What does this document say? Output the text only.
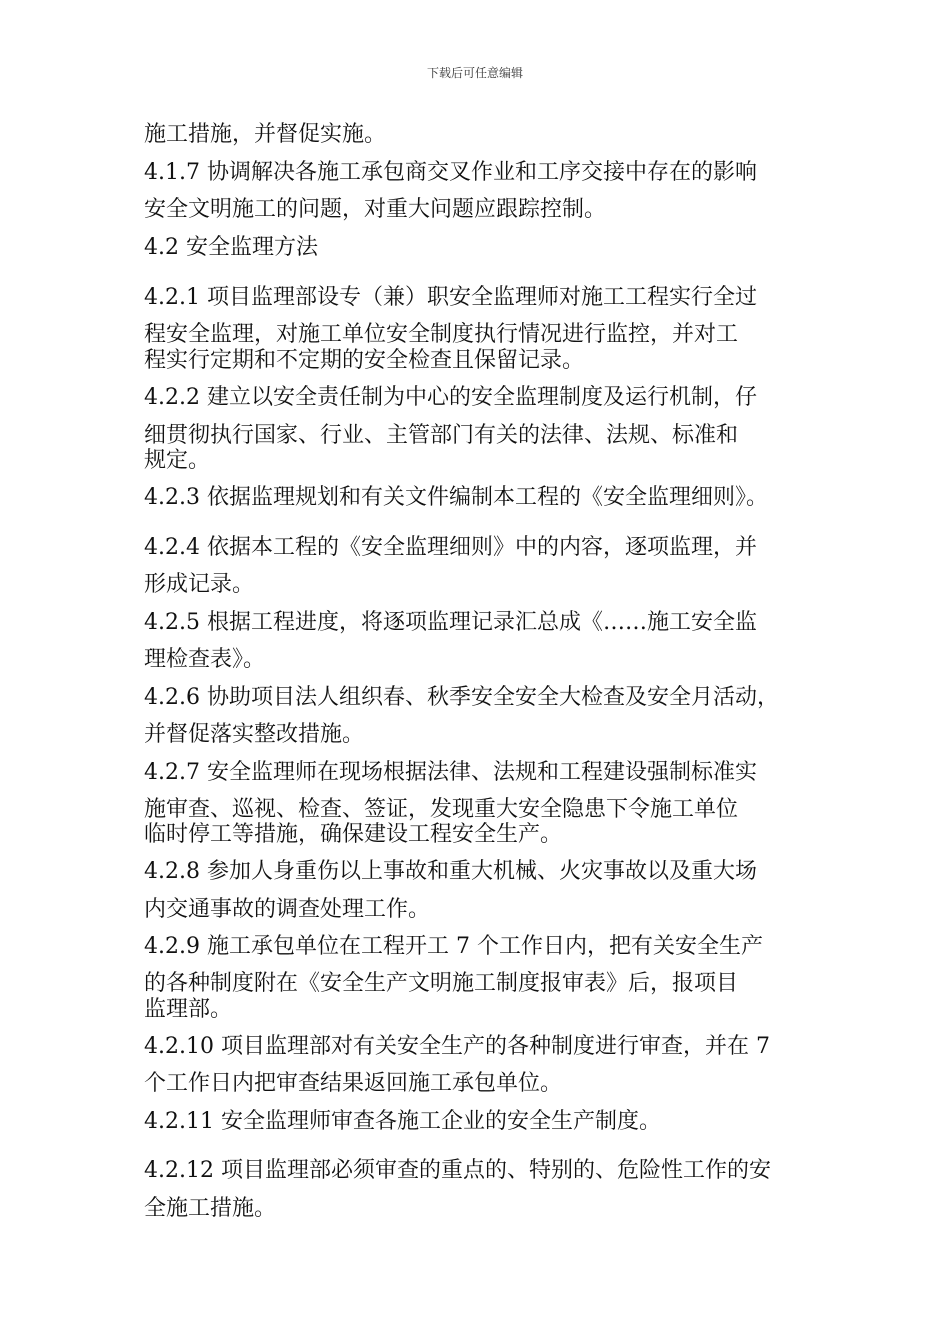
下载后可任意编辑
施工措施，并督促实施。
4.1.7 协调解决各施工承包商交叉作业和工序交接中存在的影响
安全文明施工的问题，对重大问题应跟踪控制。
4.2 安全监理方法
4.2.1 项目监理部设专（兼）职安全监理师对施工工程实行全过
程安全监理，对施工单位安全制度执行情况进行监控，并对工
程实行定期和不定期的安全检查且保留记录。
4.2.2 建立以安全责任制为中心的安全监理制度及运行机制，仔
细贯彻执行国家、行业、主管部门有关的法律、法规、标准和
规定。
4.2.3 依据监理规划和有关文件编制本工程的《安全监理细则》。
4.2.4 依据本工程的《安全监理细则》中的内容，逐项监理，并
形成记录。
4.2.5 根据工程进度，将逐项监理记录汇总成《……施工安全监
理检查表》。
4.2.6 协助项目法人组织春、秋季安全安全大检查及安全月活动，
并督促落实整改措施。
4.2.7 安全监理师在现场根据法律、法规和工程建设强制标准实
施审查、巡视、检查、签证，发现重大安全隐患下令施工单位
临时停工等措施，确保建设工程安全生产。
4.2.8 参加人身重伤以上事故和重大机械、火灾事故以及重大场
内交通事故的调查处理工作。
4.2.9 施工承包单位在工程开工 7 个工作日内，把有关安全生产
的各种制度附在《安全生产文明施工制度报审表》后，报项目
监理部。
4.2.10 项目监理部对有关安全生产的各种制度进行审查，并在 7
个工作日内把审查结果返回施工承包单位。
4.2.11 安全监理师审查各施工企业的安全生产制度。
4.2.12 项目监理部必须审查的重点的、特别的、危险性工作的安
全施工措施。
